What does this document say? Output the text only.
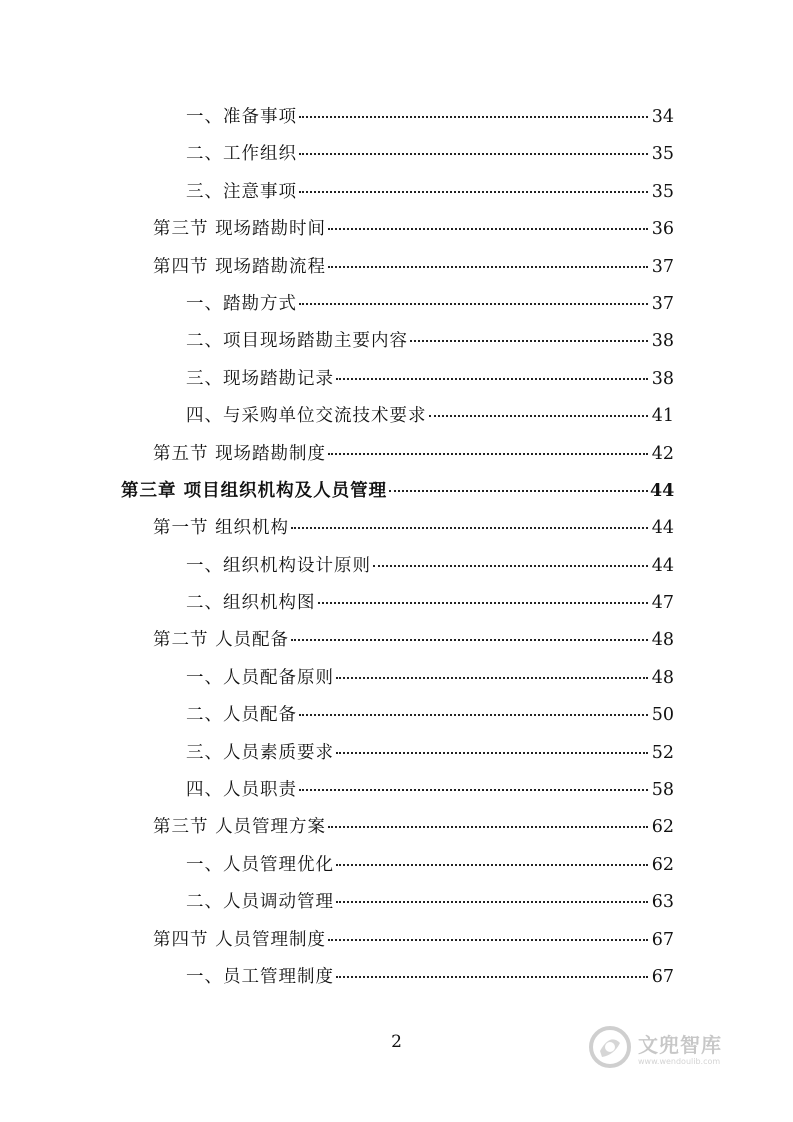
一、准备事项	34
二、工作组织	35
三、注意事项	35
第三节 现场踏勘时间	36
第四节 现场踏勘流程	37
一、踏勘方式	37
二、项目现场踏勘主要内容	38
三、现场踏勘记录	38
四、与采购单位交流技术要求	41
第五节 现场踏勘制度	42
第三章 项目组织机构及人员管理	44
第一节 组织机构	44
一、组织机构设计原则	44
二、组织机构图	47
第二节 人员配备	48
一、人员配备原则	48
二、人员配备	50
三、人员素质要求	52
四、人员职责	58
第三节 人员管理方案	62
一、人员管理优化	62
二、人员调动管理	63
第四节 人员管理制度	67
一、员工管理制度	67
2	文兜智库
www.wendoulib.com
